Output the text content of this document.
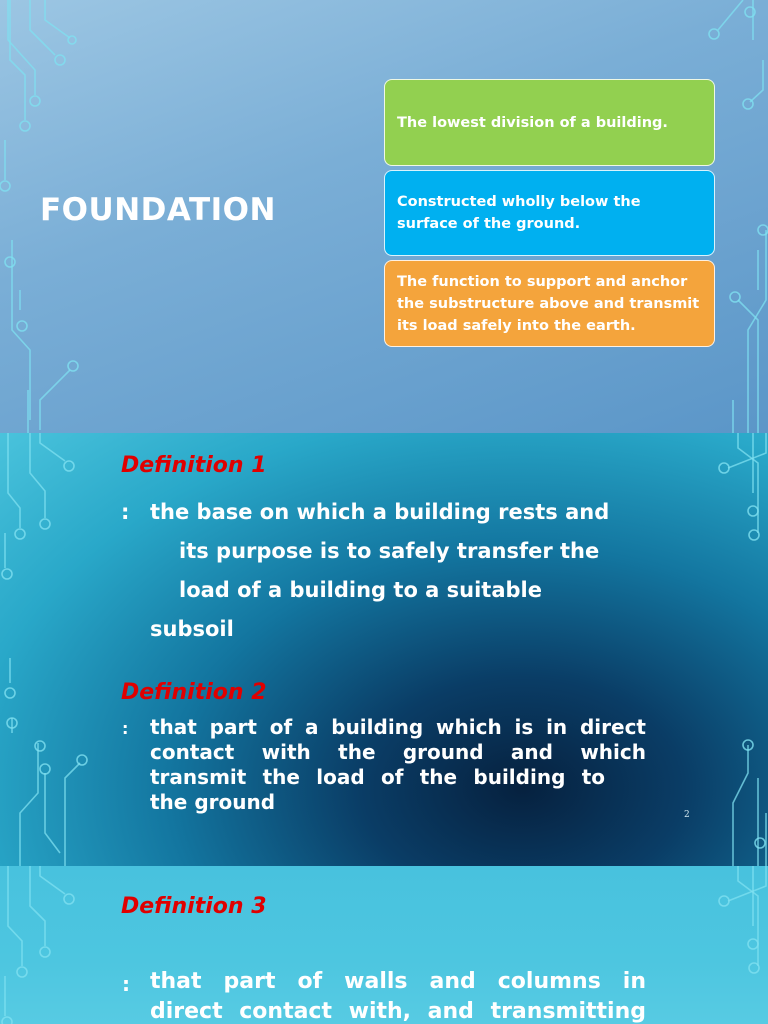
FOUNDATION
The lowest division of a building.
Constructed wholly below the surface of the ground.
The function to support and anchor the substructure above and transmit its load safely into the earth.
Definition 1
: the base on which a building rests and
its purpose is to safely transfer the
load of a building to a suitable
subsoil
Definition 2
: that part of a building which is in direct
contact with the ground and which
transmit the load of the building to
the ground
2
Definition 3
: that part of walls and columns in
direct contact with, and transmitting
